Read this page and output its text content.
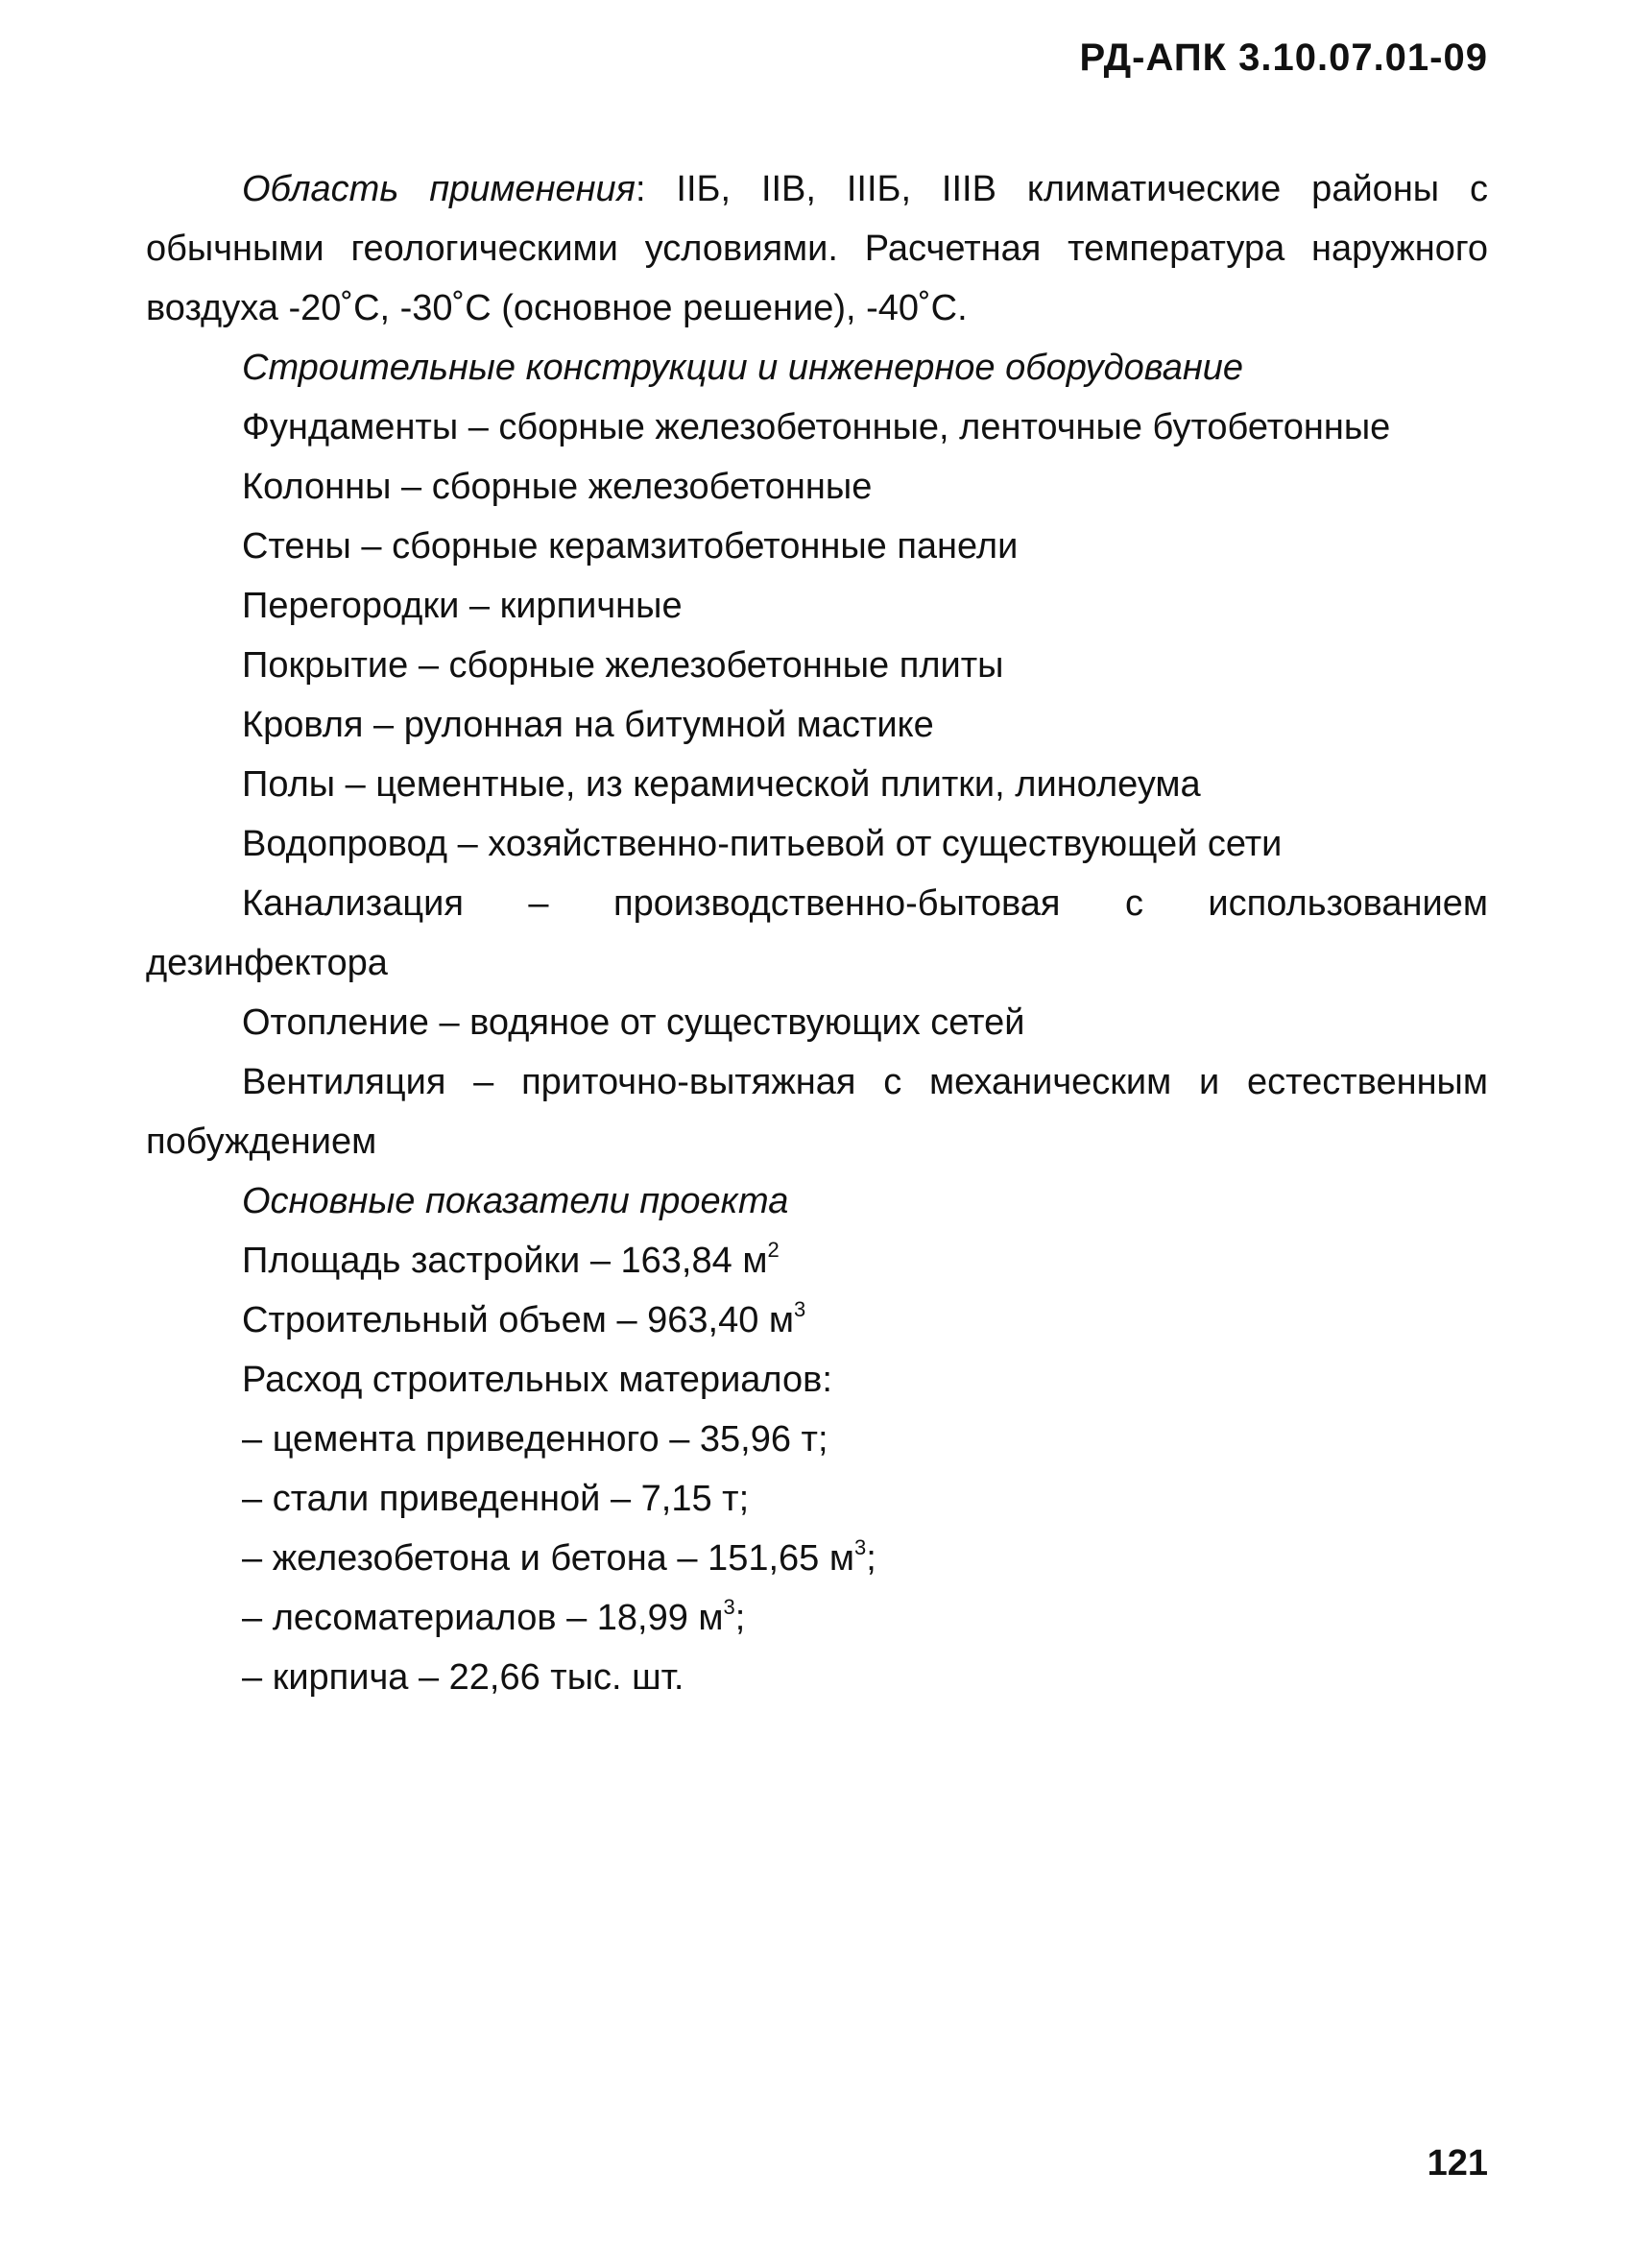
РД-АПК 3.10.07.01-09

Область применения: IIБ, IIВ, IIIБ, IIIВ климатические районы с обычными геологическими условиями. Расчетная температура наружного воздуха -20˚С, -30˚С (основное решение), -40˚С.

Строительные конструкции и инженерное оборудование

Фундаменты – сборные железобетонные, ленточные бутобетонные

Колонны – сборные железобетонные

Стены – сборные керамзитобетонные панели

Перегородки – кирпичные

Покрытие – сборные железобетонные плиты

Кровля – рулонная на битумной мастике

Полы – цементные, из керамической плитки, линолеума

Водопровод – хозяйственно-питьевой от существующей сети

Канализация – производственно-бытовая с использованием дезинфектора

Отопление – водяное от существующих сетей

Вентиляция – приточно-вытяжная с механическим и естественным побуждением

Основные показатели проекта

Площадь застройки – 163,84 $м^2$

Строительный объем – 963,40 $м^3$

Расход строительных материалов:

– цемента приведенного – 35,96 т;

– стали приведенной – 7,15 т;

– железобетона и бетона – 151,65 $м^3$;

– лесоматериалов – 18,99 $м^3$;

– кирпича – 22,66 тыс. шт.

121
